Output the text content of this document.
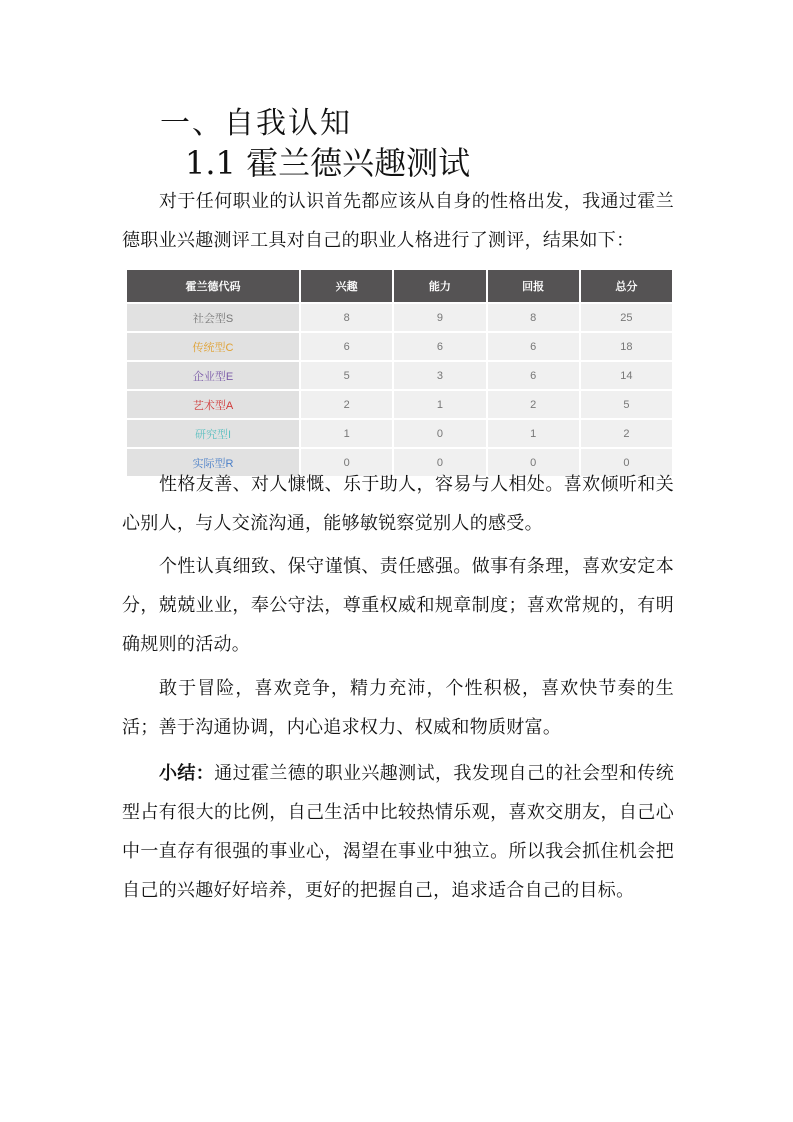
一、自我认知
1.1 霍兰德兴趣测试
对于任何职业的认识首先都应该从自身的性格出发，我通过霍兰德职业兴趣测评工具对自己的职业人格进行了测评，结果如下：
霍兰德代码	兴趣	能力	回报	总分
社会型S	8	9	8	25
传统型C	6	6	6	18
企业型E	5	3	6	14
艺术型A	2	1	2	5
研究型I	1	0	1	2
实际型R	0	0	0	0
性格友善、对人慷慨、乐于助人，容易与人相处。喜欢倾听和关心别人，与人交流沟通，能够敏锐察觉别人的感受。
个性认真细致、保守谨慎、责任感强。做事有条理，喜欢安定本分，兢兢业业，奉公守法，尊重权威和规章制度；喜欢常规的，有明确规则的活动。
敢于冒险，喜欢竞争，精力充沛，个性积极，喜欢快节奏的生活；善于沟通协调，内心追求权力、权威和物质财富。
小结：通过霍兰德的职业兴趣测试，我发现自己的社会型和传统型占有很大的比例，自己生活中比较热情乐观，喜欢交朋友，自己心中一直存有很强的事业心，渴望在事业中独立。所以我会抓住机会把自己的兴趣好好培养，更好的把握自己，追求适合自己的目标。
